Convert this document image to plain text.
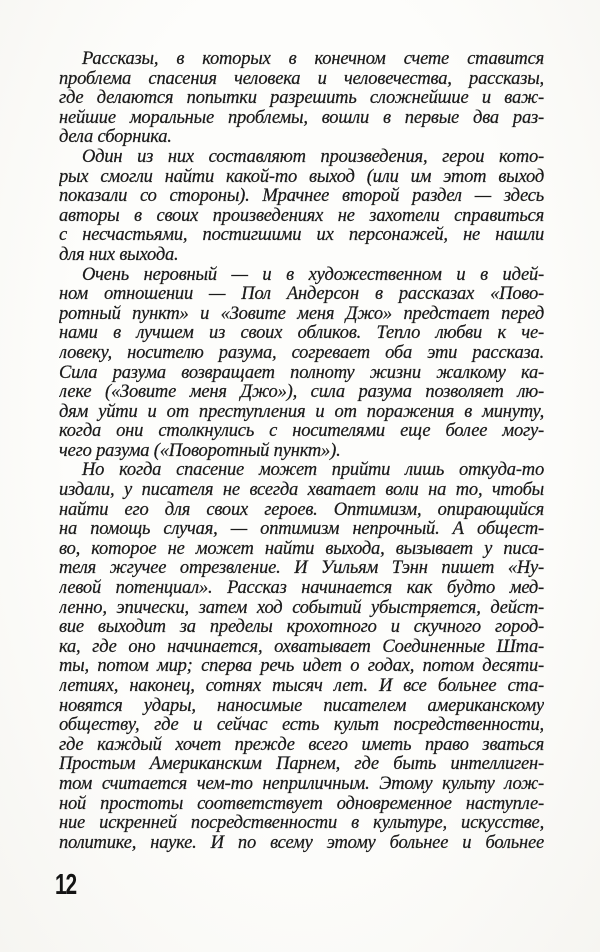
Рассказы, в которых в конечном счете ставится
проблема спасения человека и человечества, рассказы,
где делаются попытки разрешить сложнейшие и важ-
нейшие моральные проблемы, вошли в первые два раз-
дела сборника.
Один из них составляют произведения, герои кото-
рых смогли найти какой-то выход (или им этот выход
показали со стороны). Мрачнее второй раздел — здесь
авторы в своих произведениях не захотели справиться
с несчастьями, постигшими их персонажей, не нашли
для них выхода.
Очень неровный — и в художественном и в идей-
ном отношении — Пол Андерсон в рассказах «Пово-
ротный пункт» и «Зовите меня Джо» предстает перед
нами в лучшем из своих обликов. Тепло любви к че-
ловеку, носителю разума, согревает оба эти рассказа.
Сила разума возвращает полноту жизни жалкому ка-
леке («Зовите меня Джо»), сила разума позволяет лю-
дям уйти и от преступления и от поражения в минуту,
когда они столкнулись с носителями еще более могу-
чего разума («Поворотный пункт»).
Но когда спасение может прийти лишь откуда-то
издали, у писателя не всегда хватает воли на то, чтобы
найти его для своих героев. Оптимизм, опирающийся
на помощь случая, — оптимизм непрочный. А общест-
во, которое не может найти выхода, вызывает у писа-
теля жгучее отрезвление. И Уильям Тэнн пишет «Ну-
левой потенциал». Рассказ начинается как будто мед-
ленно, эпически, затем ход событий убыстряется, дейст-
вие выходит за пределы крохотного и скучного город-
ка, где оно начинается, охватывает Соединенные Шта-
ты, потом мир; сперва речь идет о годах, потом десяти-
летиях, наконец, сотнях тысяч лет. И все больнее ста-
новятся удары, наносимые писателем американскому
обществу, где и сейчас есть культ посредственности,
где каждый хочет прежде всего иметь право зваться
Простым Американским Парнем, где быть интеллиген-
том считается чем-то неприличным. Этому культу лож-
ной простоты соответствует одновременное наступле-
ние искренней посредственности в культуре, искусстве,
политике, науке. И по всему этому больнее и больнее
12
